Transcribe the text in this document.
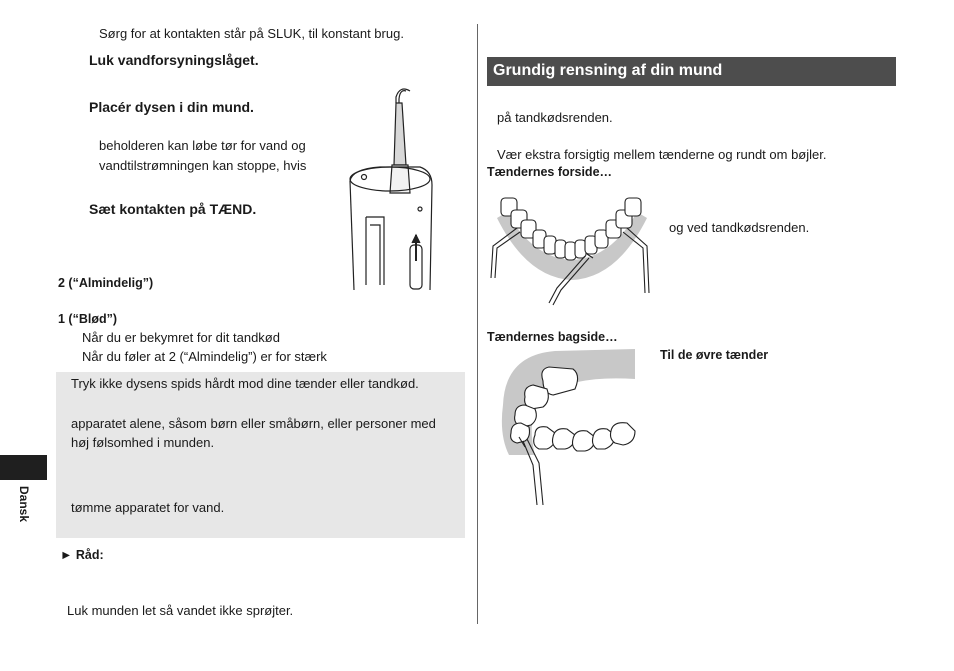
Sørg for at kontakten står på SLUK, til konstant brug.
Luk vandforsyningslåget.
Placér dysen i din mund.
beholderen kan løbe tør for vand og
vandtilstrømningen kan stoppe, hvis
Sæt kontakten på TÆND.
2 (“Almindelig”)
1 (“Blød”)
Når du er bekymret for dit tandkød
Når du føler at 2 (“Almindelig”) er for stærk
Tryk ikke dysens spids hårdt mod dine tænder eller tandkød.
apparatet alene, såsom børn eller småbørn, eller personer med
høj følsomhed i munden.
tømme apparatet for vand.
► Råd:
Luk munden let så vandet ikke sprøjter.
Dansk
Grundig rensning af din mund
på tandkødsrenden.
Vær ekstra forsigtig mellem tænderne og rundt om bøjler.
Tændernes forside…
og ved tandkødsrenden.
Tændernes bagside…
Til de øvre tænder
